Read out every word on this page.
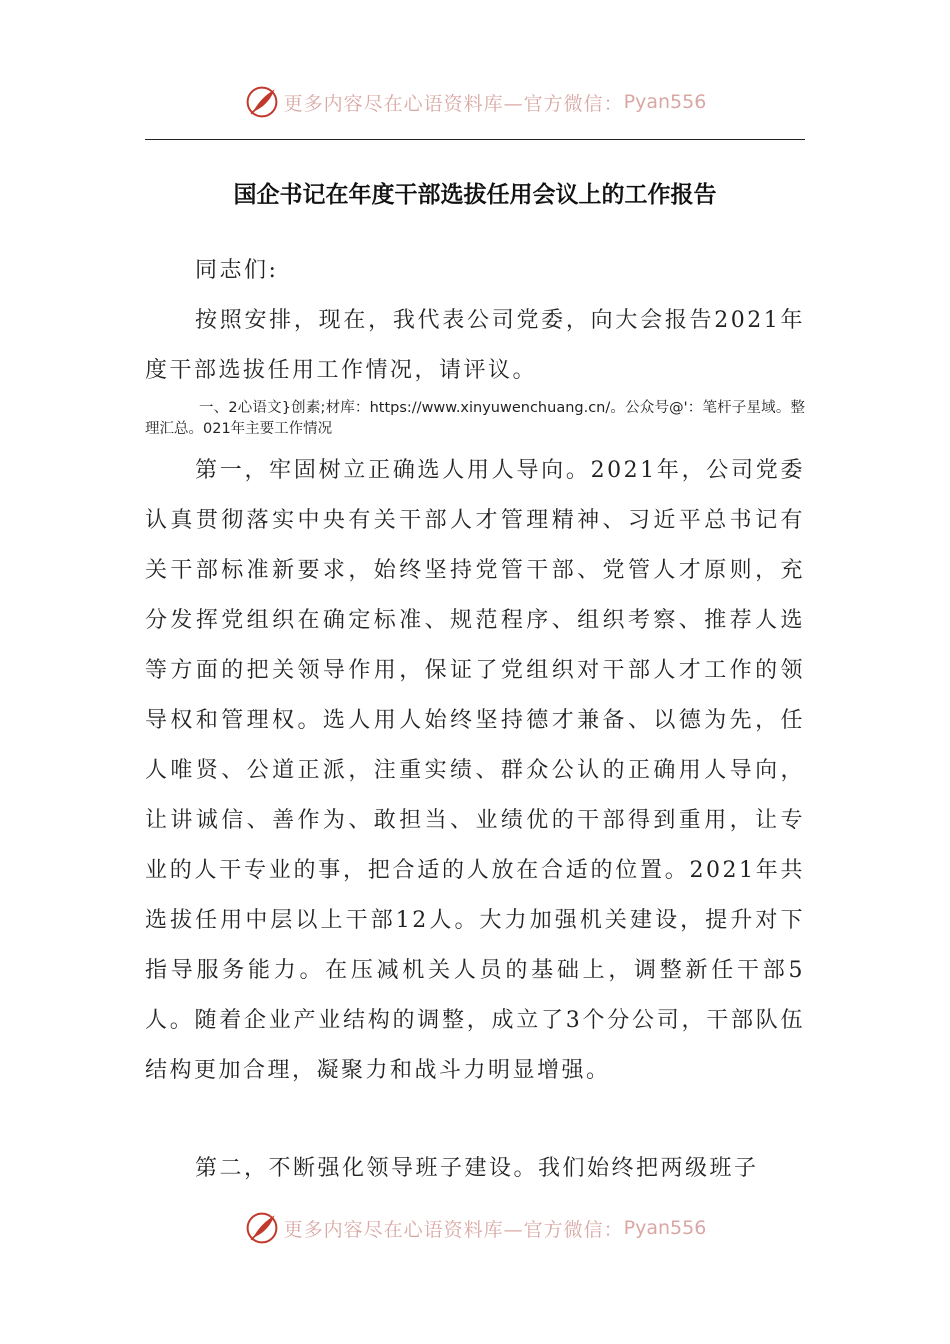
更多内容尽在心语资料库—官方微信： Pyan556
国企书记在年度干部选拔任用会议上的工作报告

同志们:

按照安排，现在，我代表公司党委，向大会报告2021年度干部选拔任用工作情况，请评议。

一、2心语文}创素;材库：https://www.xinyuwenchuang.cn/。公众号@'：笔杆子星域。整理汇总。021年主要工作情况

第一，牢固树立正确选人用人导向。2021年，公司党委认真贯彻落实中央有关干部人才管理精神、习近平总书记有关干部标准新要求，始终坚持党管干部、党管人才原则，充分发挥党组织在确定标准、规范程序、组织考察、推荐人选等方面的把关领导作用，保证了党组织对干部人才工作的领导权和管理权。选人用人始终坚持德才兼备、以德为先，任人唯贤、公道正派，注重实绩、群众公认的正确用人导向，让讲诚信、善作为、敢担当、业绩优的干部得到重用，让专业的人干专业的事，把合适的人放在合适的位置。2021年共选拔任用中层以上干部12人。大力加强机关建设，提升对下指导服务能力。在压减机关人员的基础上，调整新任干部5人。随着企业产业结构的调整，成立了3个分公司，干部队伍结构更加合理，凝聚力和战斗力明显增强。

第二，不断强化领导班子建设。我们始终把两级班子

更多内容尽在心语资料库—官方微信： Pyan556
